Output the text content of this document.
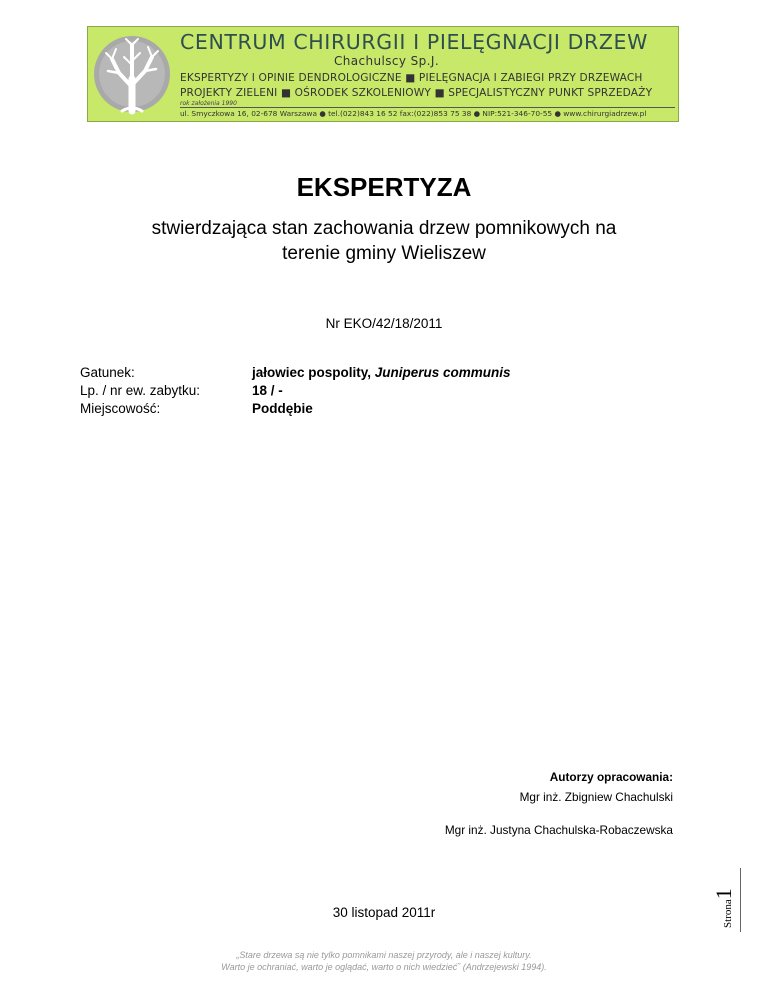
CENTRUM CHIRURGII I PIELĘGNACJI DRZEW
Chachulscy Sp.J.
EKSPERTYZY I OPINIE DENDROLOGICZNE ■ PIELĘGNACJA I ZABIEGI PRZY DRZEWACH
PROJEKTY ZIELENI ■ OŚRODEK SZKOLENIOWY ■ SPECJALISTYCZNY PUNKT SPRZEDAŻY
rok założenia 1990
ul. Smyczkowa 16, 02-678 Warszawa ● tel.(022)843 16 52 fax:(022)853 75 38 ● NIP:521-346-70-55 ● www.chirurgiadrzew.pl
EKSPERTYZA
stwierdzająca stan zachowania drzew pomnikowych na
terenie gminy Wieliszew
Nr EKO/42/18/2011
Gatunek:	jałowiec pospolity, Juniperus communis
Lp. / nr ew. zabytku:	18 / -
Miejscowość:	Poddębie
Autorzy opracowania:
Mgr inż. Zbigniew Chachulski
Mgr inż. Justyna Chachulska-Robaczewska
Strona1
30 listopad 2011r
„Stare drzewa są nie tylko pomnikami naszej przyrody, ale i naszej kultury.
Warto je ochraniać, warto je oglądać, warto o nich wiedzieć˝ (Andrzejewski 1994).
